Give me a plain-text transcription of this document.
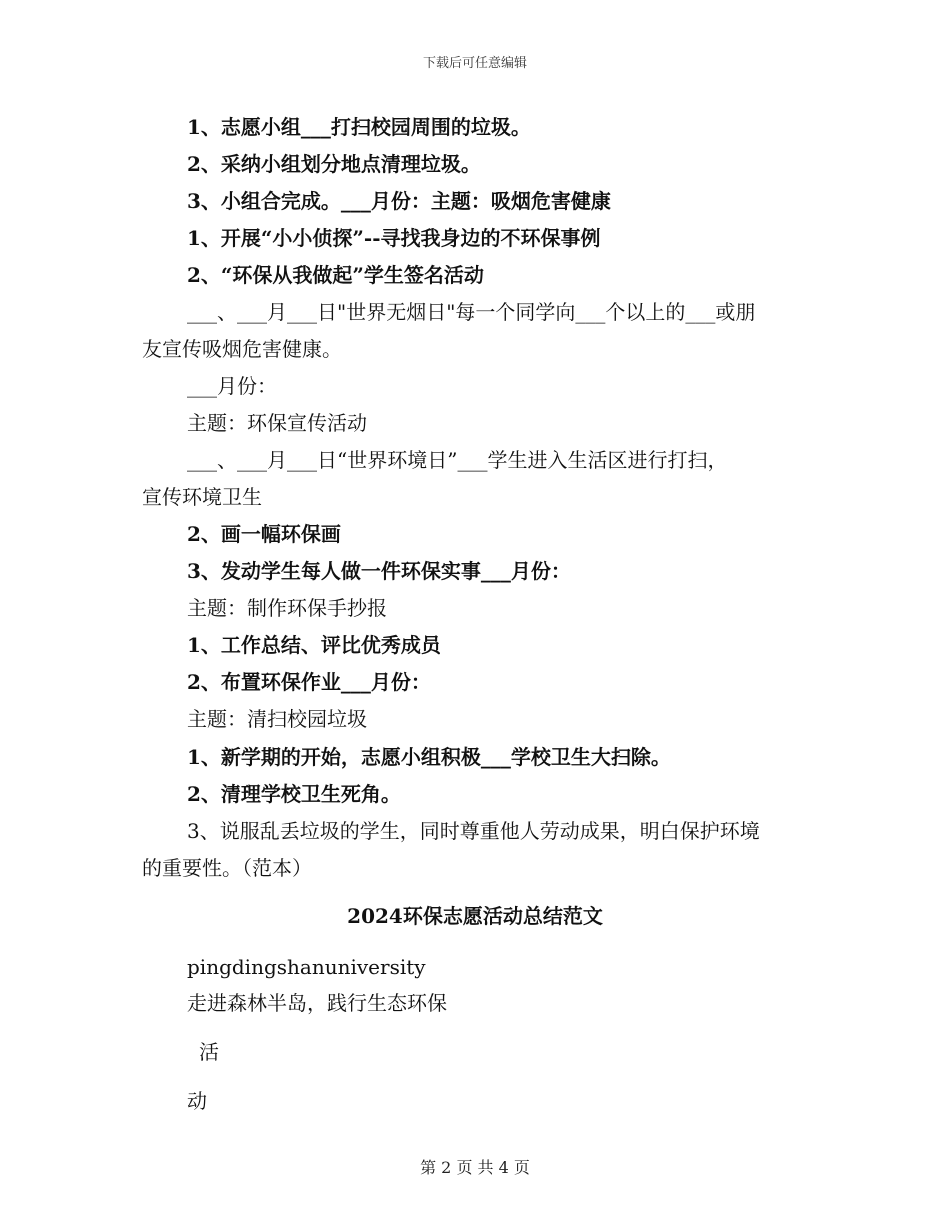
下载后可任意编辑
1、志愿小组___打扫校园周围的垃圾。
2、采纳小组划分地点清理垃圾。
3、小组合完成。___月份：主题：吸烟危害健康
1、开展“小小侦探”--寻找我身边的不环保事例
2、“环保从我做起”学生签名活动
___、___月___日"世界无烟日"每一个同学向___个以上的___或朋
友宣传吸烟危害健康。
___月份：
主题：环保宣传活动
___、___月___日“世界环境日”___学生进入生活区进行打扫，
宣传环境卫生
2、画一幅环保画
3、发动学生每人做一件环保实事___月份：
主题：制作环保手抄报
1、工作总结、评比优秀成员
2、布置环保作业___月份：
主题：清扫校园垃圾
1、新学期的开始，志愿小组积极___学校卫生大扫除。
2、清理学校卫生死角。
3、说服乱丢垃圾的学生，同时尊重他人劳动成果，明白保护环境
的重要性。（范本）
2024环保志愿活动总结范文
pingdingshanuniversity
走进森林半岛，践行生态环保
活
动
第 2 页 共 4 页
